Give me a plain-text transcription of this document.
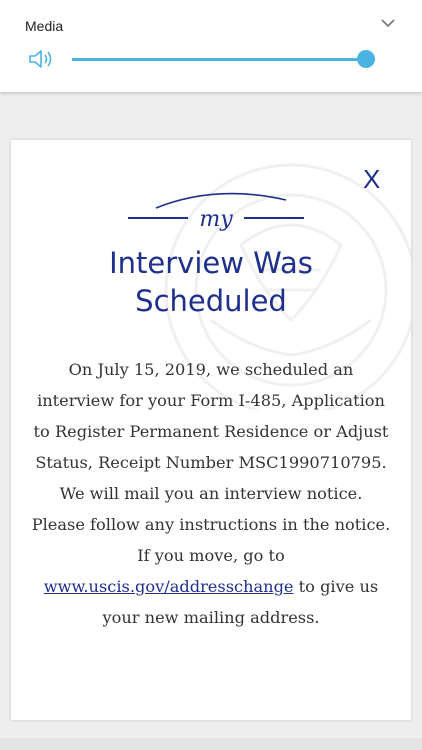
Media
X
my
Interview Was
Scheduled
On July 15, 2019, we scheduled an interview for your Form I-485, Application to Register Permanent Residence or Adjust Status, Receipt Number MSC1990710795. We will mail you an interview notice. Please follow any instructions in the notice. If you move, go to www.uscis.gov/addresschange to give us your new mailing address.
